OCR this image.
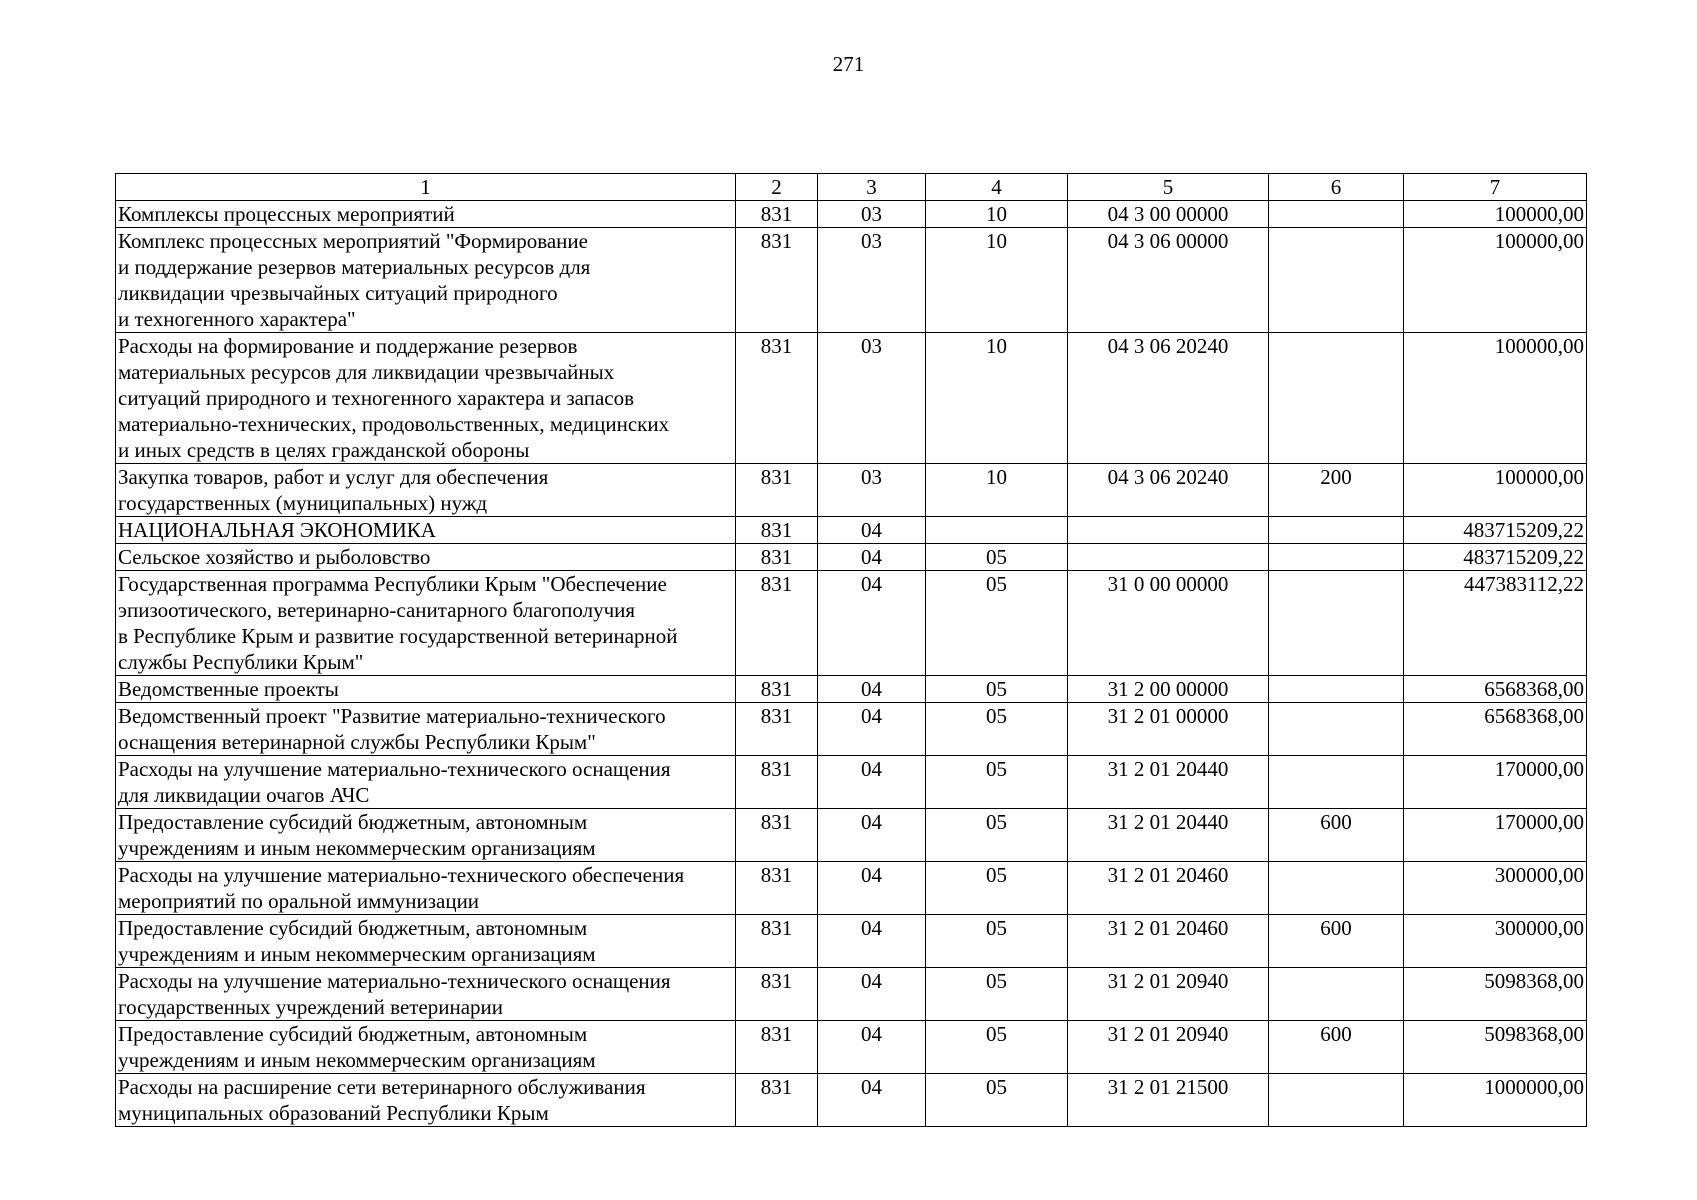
271
1	2	3	4	5	6	7

Комплексы процессных мероприятий	831	03	10	04 3 00 00000		100000,00

Комплекс процессных мероприятий "Формирование
и поддержание резервов материальных ресурсов для
ликвидации чрезвычайных ситуаций природного
и техногенного характера"	831	03	10	04 3 06 00000		100000,00

Расходы на формирование и поддержание резервов
материальных ресурсов для ликвидации чрезвычайных
ситуаций природного и техногенного характера и запасов
материально-технических, продовольственных, медицинских
и иных средств в целях гражданской обороны	831	03	10	04 3 06 20240		100000,00

Закупка товаров, работ и услуг для обеспечения
государственных (муниципальных) нужд	831	03	10	04 3 06 20240	200	100000,00

НАЦИОНАЛЬНАЯ ЭКОНОМИКА	831	04				483715209,22

Сельское хозяйство и рыболовство	831	04	05			483715209,22

Государственная программа Республики Крым "Обеспечение
эпизоотического, ветеринарно-санитарного благополучия
в Республике Крым и развитие государственной ветеринарной
службы Республики Крым"	831	04	05	31 0 00 00000		447383112,22

Ведомственные проекты	831	04	05	31 2 00 00000		6568368,00

Ведомственный проект "Развитие материально-технического
оснащения ветеринарной службы Республики Крым"	831	04	05	31 2 01 00000		6568368,00

Расходы на улучшение материально-технического оснащения
для ликвидации очагов АЧС	831	04	05	31 2 01 20440		170000,00

Предоставление субсидий бюджетным, автономным
учреждениям и иным некоммерческим организациям	831	04	05	31 2 01 20440	600	170000,00

Расходы на улучшение материально-технического обеспечения
мероприятий по оральной иммунизации	831	04	05	31 2 01 20460		300000,00

Предоставление субсидий бюджетным, автономным
учреждениям и иным некоммерческим организациям	831	04	05	31 2 01 20460	600	300000,00

Расходы на улучшение материально-технического оснащения
государственных учреждений ветеринарии	831	04	05	31 2 01 20940		5098368,00

Предоставление субсидий бюджетным, автономным
учреждениям и иным некоммерческим организациям	831	04	05	31 2 01 20940	600	5098368,00

Расходы на расширение сети ветеринарного обслуживания
муниципальных образований Республики Крым	831	04	05	31 2 01 21500		1000000,00
